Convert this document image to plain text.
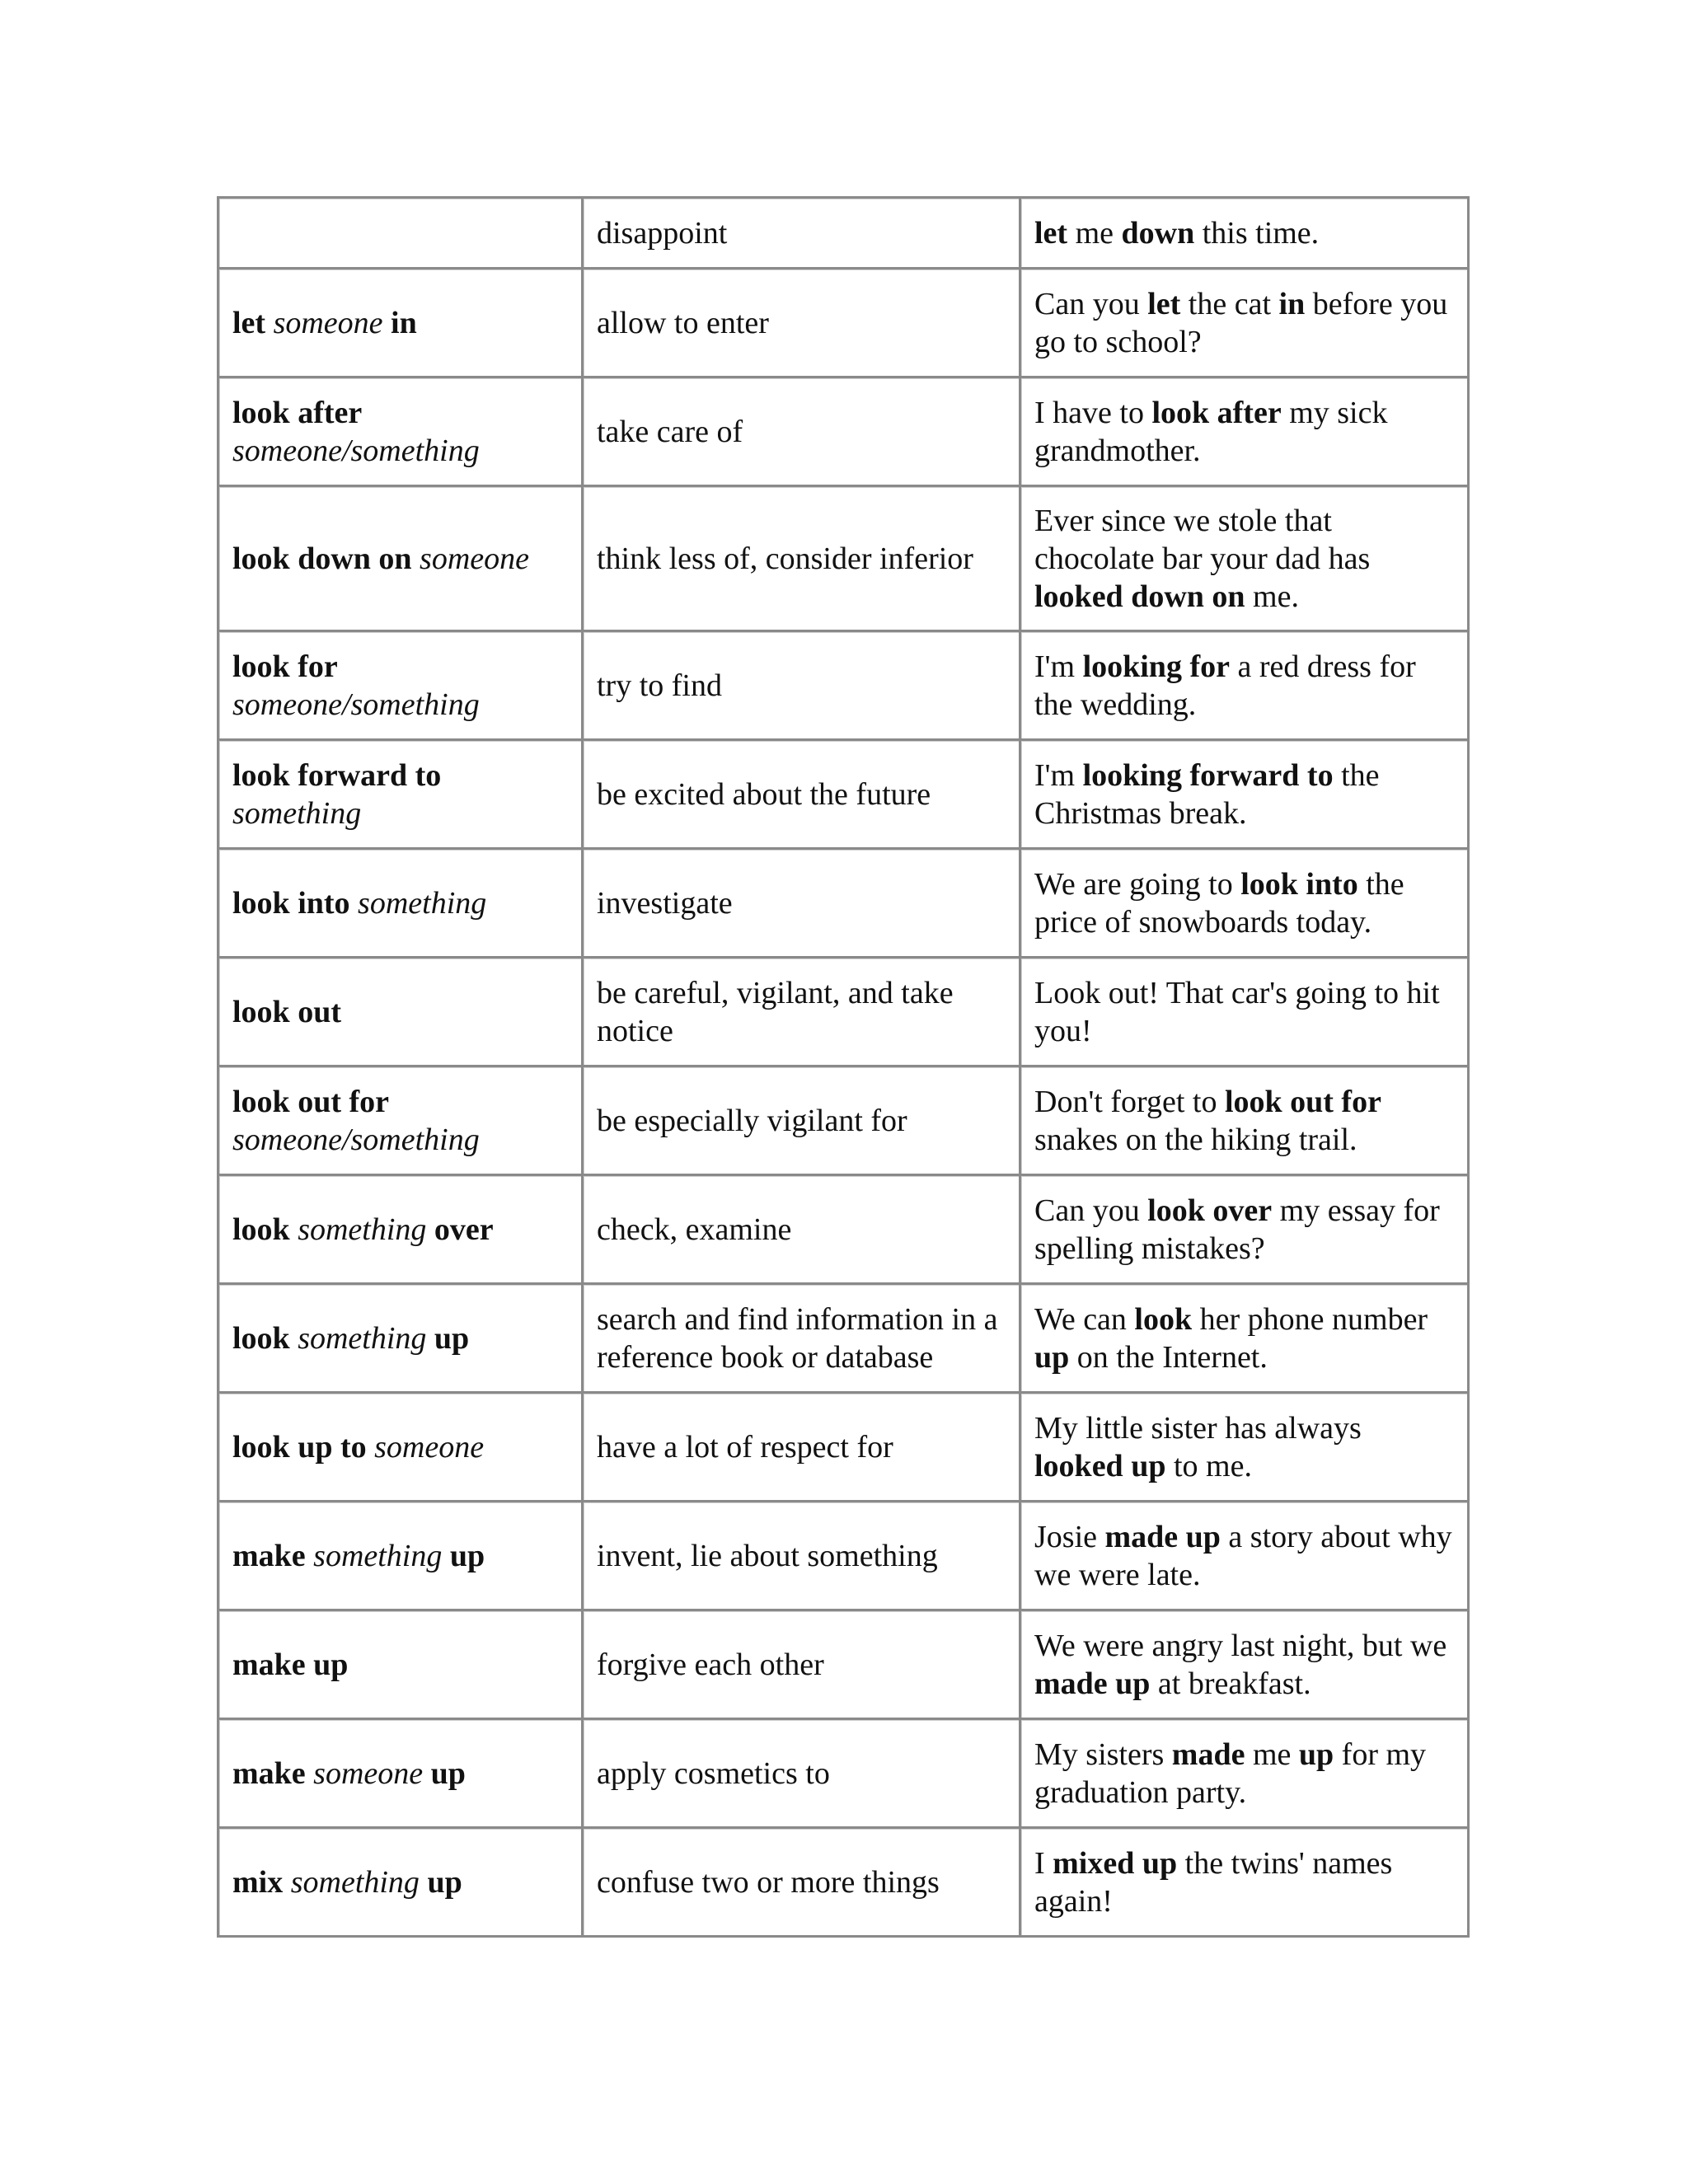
	disappoint	let me down this time.
let someone in	allow to enter	Can you let the cat in before you go to school?
look after someone/something	take care of	I have to look after my sick grandmother.
look down on someone	think less of, consider inferior	Ever since we stole that chocolate bar your dad has looked down on me.
look for someone/something	try to find	I'm looking for a red dress for the wedding.
look forward to something	be excited about the future	I'm looking forward to the Christmas break.
look into something	investigate	We are going to look into the price of snowboards today.
look out	be careful, vigilant, and take notice	Look out! That car's going to hit you!
look out for someone/something	be especially vigilant for	Don't forget to look out for snakes on the hiking trail.
look something over	check, examine	Can you look over my essay for spelling mistakes?
look something up	search and find information in a reference book or database	We can look her phone number up on the Internet.
look up to someone	have a lot of respect for	My little sister has always looked up to me.
make something up	invent, lie about something	Josie made up a story about why we were late.
make up	forgive each other	We were angry last night, but we made up at breakfast.
make someone up	apply cosmetics to	My sisters made me up for my graduation party.
mix something up	confuse two or more things	I mixed up the twins' names again!
